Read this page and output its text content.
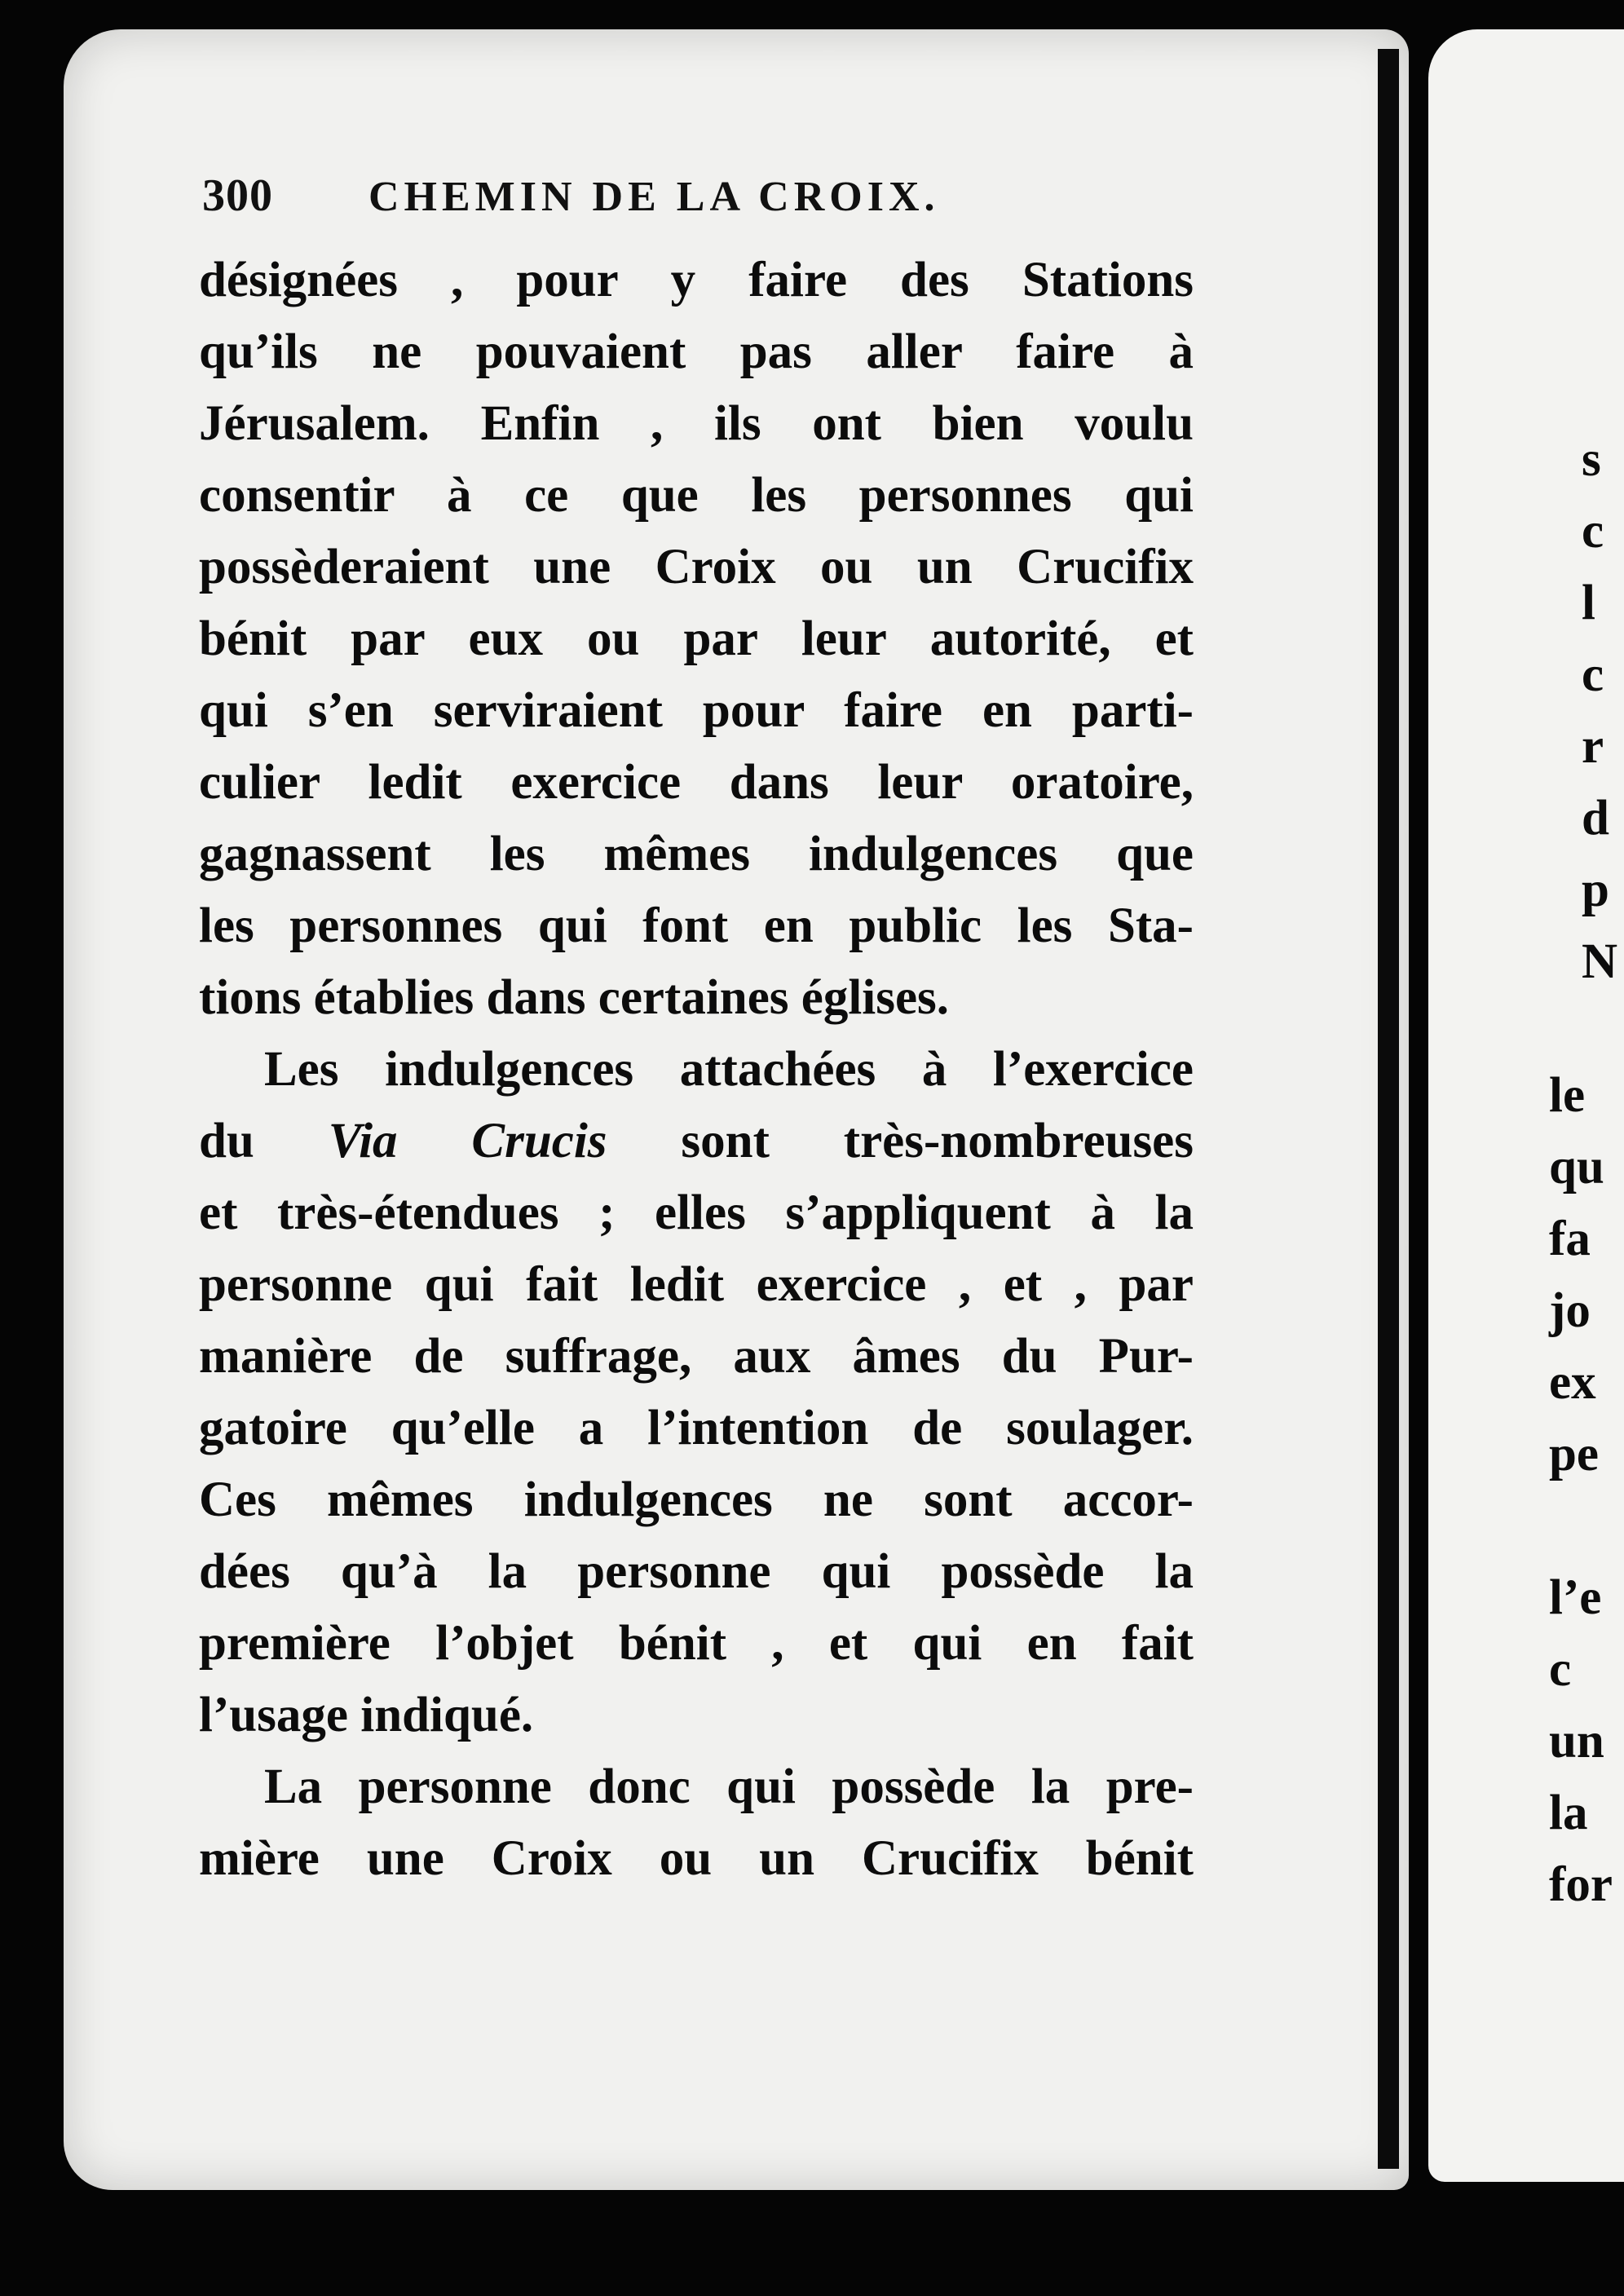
300 CHEMIN DE LA CROIX.
désignées , pour y faire des Stations
qu’ils ne pouvaient pas aller faire à
Jérusalem. Enfin , ils ont bien voulu
consentir à ce que les personnes qui
possèderaient une Croix ou un Crucifix
bénit par eux ou par leur autorité, et
qui s’en serviraient pour faire en parti-
culier ledit exercice dans leur oratoire,
gagnassent les mêmes indulgences que
les personnes qui font en public les Sta-
tions établies dans certaines églises.
Les indulgences attachées à l’exercice
du Via Crucis sont très-nombreuses
et très-étendues ; elles s’appliquent à la
personne qui fait ledit exercice , et , par
manière de suffrage, aux âmes du Pur-
gatoire qu’elle a l’intention de soulager.
Ces mêmes indulgences ne sont accor-
dées qu’à la personne qui possède la
première l’objet bénit , et qui en fait
l’usage indiqué.
La personne donc qui possède la pre-
mière une Croix ou un Crucifix bénit
s
c
l
c
r
d
p
N
le
qu
fa
jo
ex
pe
l’e
c
un
la
for
